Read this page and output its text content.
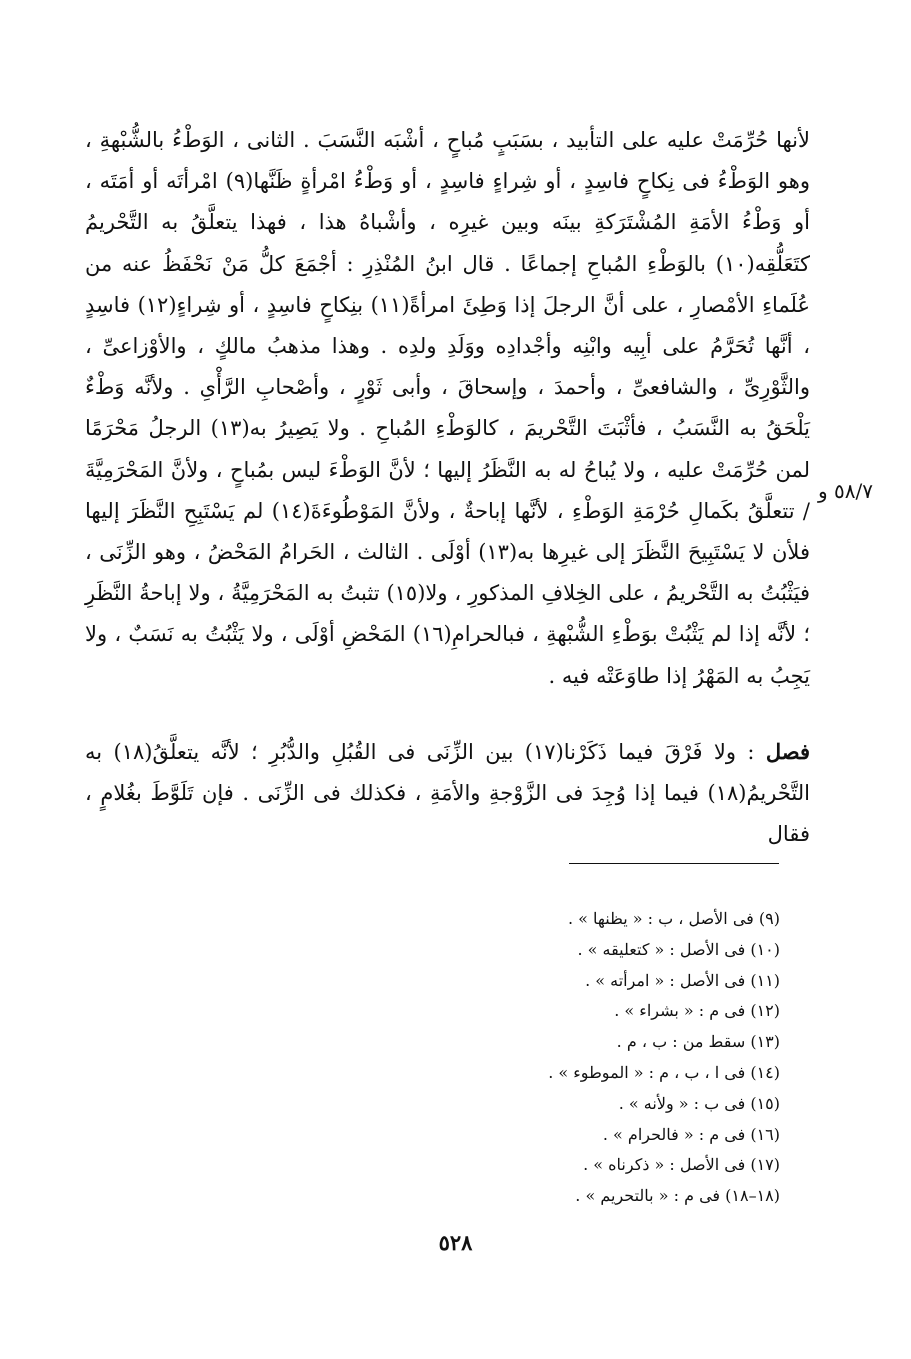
لأنها حُرِّمَتْ عليه على التأبيد ، بسَبَبٍ مُباحٍ ، أشْبَه النَّسَبَ . الثانى ، الوَطْءُ بالشُّبْهةِ ، وهو الوَطْءُ فى نِكاحٍ فاسِدٍ ، أو شِراءٍ فاسِدٍ ، أو وَطْءُ امْرأةٍ ظَنَّها(٩) امْرأتَه أو أمَتَه ، أو وَطْءُ الأمَةِ المُشْتَرَكةِ بينَه وبين غيرِه ، وأشْباهُ هذا ، فهذا يتعلَّقُ به التَّحْريمُ كتَعَلُّقِه(١٠) بالوَطْءِ المُباحِ إجماعًا . قال ابنُ المُنْذِرِ : أجْمَعَ كلُّ مَنْ نَحْفَظُ عنه من عُلَماءِ الأمْصارِ ، على أنَّ الرجلَ إذا وَطِئَ امرأةً(١١) بنِكاحٍ فاسِدٍ ، أو شِراءٍ(١٢) فاسِدٍ ، أنَّها تُحَرَّمُ على أبِيه وابْنِه وأجْدادِه ووَلَدِ ولدِه . وهذا مذهبُ مالكٍ ، والأوْزاعىِّ ، والثَّوْرِىِّ ، والشافعىِّ ، وأحمدَ ، وإسحاقَ ، وأبى ثَوْرٍ ، وأصْحابِ الرَّأْىِ . ولأنَّه وَطْءٌ يَلْحَقُ به النَّسَبُ ، فأثْبَتَ التَّحْريمَ ، كالوَطْءِ المُباحِ . ولا يَصِيرُ به(١٣) الرجلُ مَحْرَمًا لمن حُرِّمَتْ عليه ، ولا يُباحُ له به النَّظَرُ إليها ؛ لأنَّ الوَطْءَ ليس بمُباحٍ ، ولأنَّ المَحْرَمِيَّةَ / تتعلَّقُ بكَمالِ حُرْمَةِ الوَطْءِ ، لأنَّها إباحةٌ ، ولأنَّ المَوْطُوءَةَ(١٤) لم يَسْتَبِحِ النَّظَرَ إليها فلأن لا يَسْتَبِيحَ النَّظَرَ إلى غيرِها به(١٣) أوْلَى . الثالث ، الحَرامُ المَحْضُ ، وهو الزِّنَى ، فيَثْبُتُ به التَّحْريمُ ، على الخِلافِ المذكورِ ، ولا(١٥) تثبتُ به المَحْرَمِيَّةُ ، ولا إباحةُ النَّظَرِ ؛ لأنَّه إذا لم يَثْبُتْ بوَطْءِ الشُّبْهةِ ، فبالحرامِ(١٦) المَحْضِ أوْلَى ، ولا يَثْبُتُ به نَسَبٌ ، ولا يَجِبُ به المَهْرُ إذا طاوَعَتْه فيه .

٥٨/٧ و

فصل : ولا فَرْقَ فيما ذَكَرْنا(١٧) بين الزِّنَى فى القُبُلِ والدُّبُرِ ؛ لأنَّه يتعلَّقُ(١٨) به التَّحْريمُ(١٨) فيما إذا وُجِدَ فى الزَّوْجةِ والأمَةِ ، فكذلك فى الزِّنَى . فإن تَلَوَّطَ بغُلامٍ ، فقال

(٩) فى الأصل ، ب : « يظنها » .
(١٠) فى الأصل : « كتعليقه » .
(١١) فى الأصل : « امرأته » .
(١٢) فى م : « بشراء » .
(١٣) سقط من : ب ، م .
(١٤) فى ا ، ب ، م : « الموطوء » .
(١٥) فى ب : « ولأنه » .
(١٦) فى م : « فالحرام » .
(١٧) فى الأصل : « ذكرناه » .
(١٨–١٨) فى م : « بالتحريم » .
٥٢٨
